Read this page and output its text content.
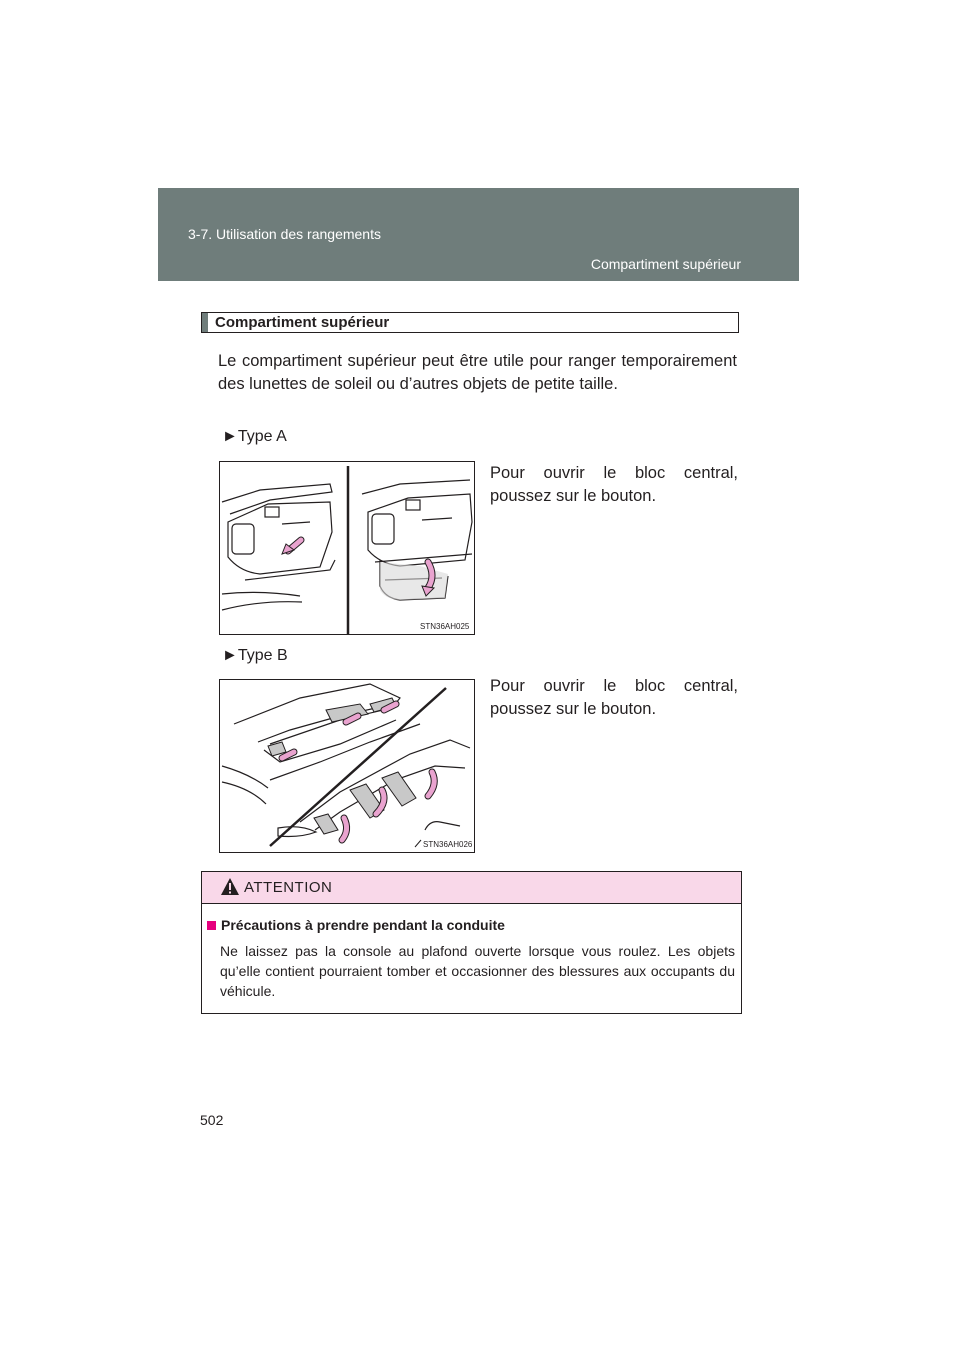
3-7. Utilisation des rangements
Compartiment supérieur
Compartiment supérieur
Le compartiment supérieur peut être utile pour ranger temporairement des lunettes de soleil ou d’autres objets de petite taille.
►Type A
STN36AH025
Pour ouvrir le bloc central, poussez sur le bouton.
►Type B
STN36AH026
Pour ouvrir le bloc central, poussez sur le bouton.
ATTENTION
Précautions à prendre pendant la conduite
Ne laissez pas la console au plafond ouverte lorsque vous roulez. Les objets qu’elle contient pourraient tomber et occasionner des blessures aux occupants du véhicule.
502
